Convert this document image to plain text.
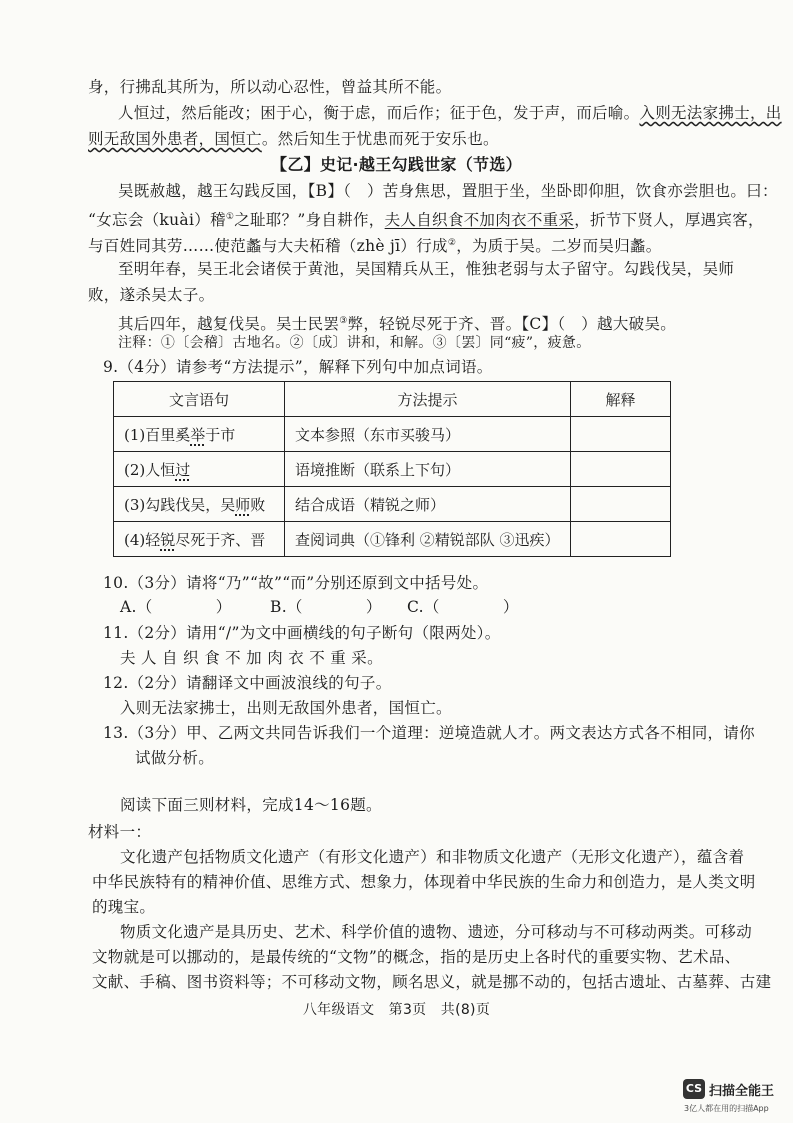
身，行拂乱其所为，所以动心忍性，曾益其所不能。
人恒过，然后能改；困于心，衡于虑，而后作；征于色，发于声，而后喻。入则无法家拂士，出
则无敌国外患者，国恒亡。然后知生于忧患而死于安乐也。
【乙】史记·越王勾践世家（节选）
吴既赦越，越王勾践反国，【B】（　）苦身焦思，置胆于坐，坐卧即仰胆，饮食亦尝胆也。曰：
“女忘会（kuài）稽①之耻耶？”身自耕作，夫人自织食不加肉衣不重采，折节下贤人，厚遇宾客，
与百姓同其劳……使范蠡与大夫柘稽（zhè jī）行成②，为质于吴。二岁而吴归蠡。
至明年春，吴王北会诸侯于黄池，吴国精兵从王，惟独老弱与太子留守。勾践伐吴，吴师
败，遂杀吴太子。
其后四年，越复伐吴。吴士民罢③弊，轻锐尽死于齐、晋。【C】（　）越大破吴。
注释：①〔会稽〕古地名。②〔成〕讲和，和解。③〔罢〕同“疲”，疲惫。
9.（4分）请参考“方法提示”，解释下列句中加点词语。
文言语句	方法提示	解释
(1)百里奚举于市	文本参照（东市买骏马）	
(2)人恒过	语境推断（联系上下句）	
(3)勾践伐吴，吴师败	结合成语（精锐之师）	
(4)轻锐尽死于齐、晋	查阅词典（①锋利 ②精锐部队 ③迅疾）	
10.（3分）请将“乃”“故”“而”分别还原到文中括号处。
A.（　　　　） B.（　　　　） C.（　　　　）
11.（2分）请用“/”为文中画横线的句子断句（限两处）。
夫 人 自 织 食 不 加 肉 衣 不 重 采。
12.（2分）请翻译文中画波浪线的句子。
入则无法家拂士，出则无敌国外患者，国恒亡。
13.（3分）甲、乙两文共同告诉我们一个道理：逆境造就人才。两文表达方式各不相同，请你
试做分析。
阅读下面三则材料，完成14～16题。
材料一：
文化遗产包括物质文化遗产（有形文化遗产）和非物质文化遗产（无形文化遗产），蕴含着
中华民族特有的精神价值、思维方式、想象力，体现着中华民族的生命力和创造力，是人类文明
的瑰宝。
物质文化遗产是具历史、艺术、科学价值的遗物、遗迹，分可移动与不可移动两类。可移动
文物就是可以挪动的，是最传统的“文物”的概念，指的是历史上各时代的重要实物、艺术品、
文献、手稿、图书资料等；不可移动文物，顾名思义，就是挪不动的，包括古遗址、古墓葬、古建
八年级语文　第3页　共(8)页
CS 扫描全能王
3亿人都在用的扫描App
